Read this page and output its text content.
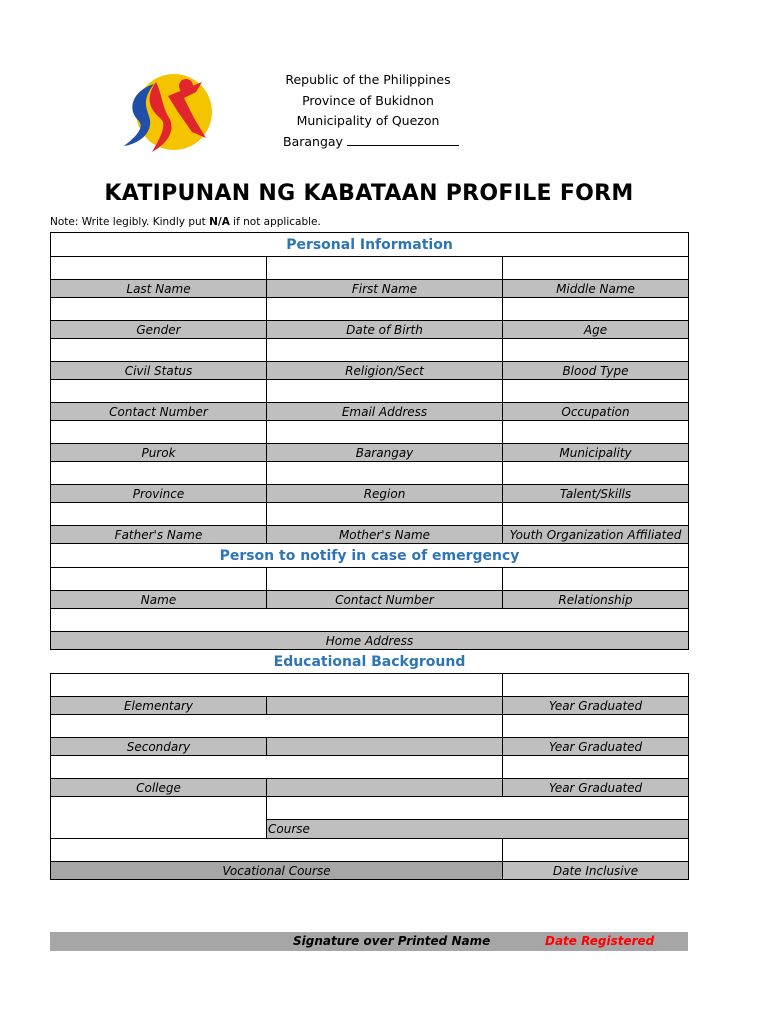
Republic of the Philippines
Province of Bukidnon
Municipality of Quezon
Barangay
KATIPUNAN NG KABATAAN PROFILE FORM
Note: Write legibly. Kindly put N/A if not applicable.
Personal Information
Last Name	First Name	Middle Name
Gender	Date of Birth	Age
Civil Status	Religion/Sect	Blood Type
Contact Number	Email Address	Occupation
Purok	Barangay	Municipality
Province	Region	Talent/Skills
Father's Name	Mother's Name	Youth Organization Affiliated
Person to notify in case of emergency
Name	Contact Number	Relationship
Home Address
Educational Background
Elementary	Year Graduated
Secondary	Year Graduated
College	Year Graduated
Course
Vocational Course	Date Inclusive
Signature over Printed Name	Date Registered
